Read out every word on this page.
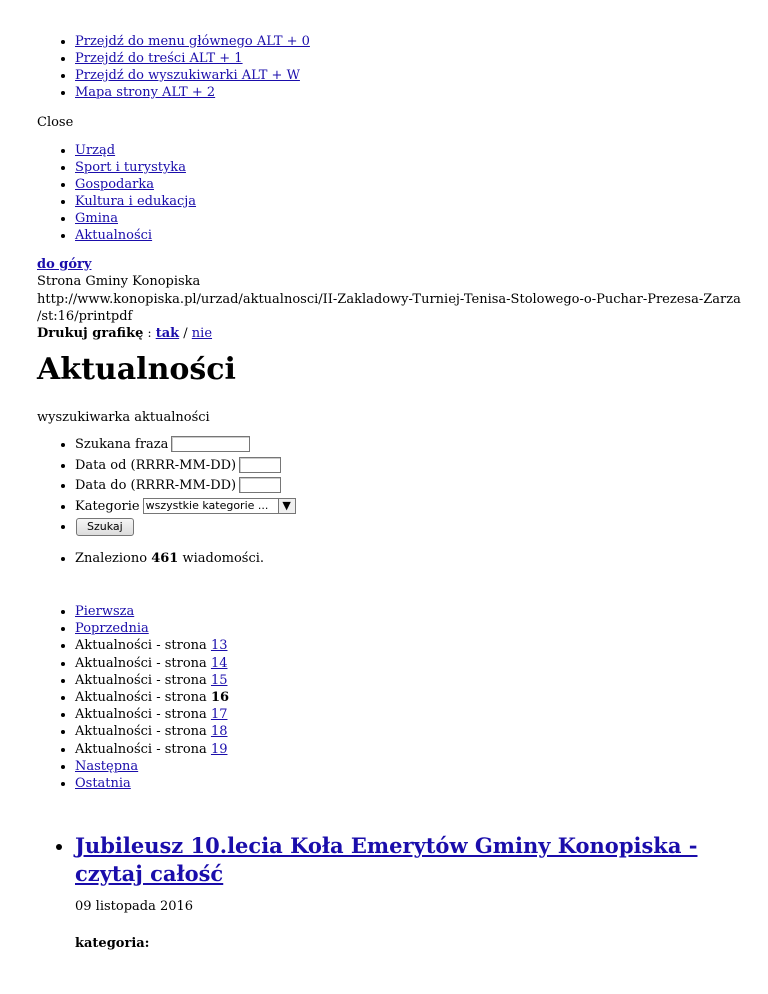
• Przejdź do menu głównego ALT + 0
• Przejdź do treści ALT + 1
• Przejdź do wyszukiwarki ALT + W
• Mapa strony ALT + 2
Close
• Urząd
• Sport i turystyka
• Gospodarka
• Kultura i edukacja
• Gmina
• Aktualności
do góry
Strona Gminy Konopiska
http://www.konopiska.pl/urzad/aktualnosci/II-Zakladowy-Turniej-Tenisa-Stolowego-o-Puchar-Prezesa-Zarza
/st:16/printpdf
Drukuj grafikę : tak / nie
Aktualności
wyszukiwarka aktualności
• Szukana fraza
• Data od (RRRR-MM-DD)
• Data do (RRRR-MM-DD)
• Kategorie wszystkie kategorie ...	▼
• Szukaj
• Znaleziono 461 wiadomości.
• Pierwsza
• Poprzednia
• Aktualności - strona 13
• Aktualności - strona 14
• Aktualności - strona 15
• Aktualności - strona 16
• Aktualności - strona 17
• Aktualności - strona 18
• Aktualności - strona 19
• Następna
• Ostatnia
• Jubileusz 10.lecia Koła Emerytów Gminy Konopiska - czytaj całość
09 listopada 2016
kategoria:
